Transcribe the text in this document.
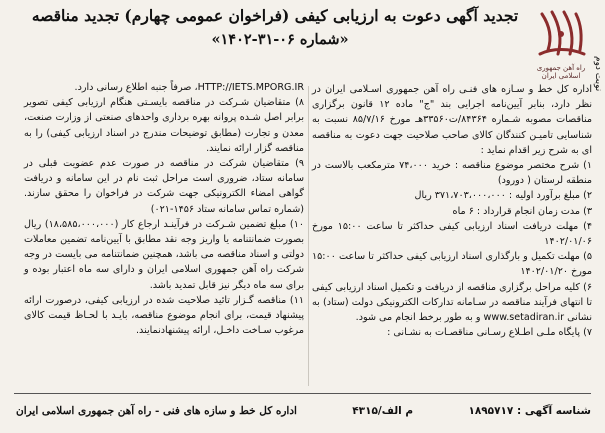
تجدید آگهی دعوت به ارزیابی کیفی (فراخوان عمومی چهارم) تجدید مناقصه
«شماره ۰۶-۳۱-۱۴۰۲»
راه آهن جمهوری اسلامی ایران	نوبت دوم

اداره کل خط و سـازه های فنـی راه آهن جمهوری اسـلامی ایران در نظر دارد، بنابر آیین‌نامه اجرایی بند "ج" ماده ۱۲ قانون برگزاری مناقصات مصوبه شـماره ۸۴۳۶۴/ت۳۳۵۶۰هـ مورخ ۸۵/۷/۱۶ نسبت به شناسایی تامیـن کنندگان کالای صاحب صلاحیت جهت دعوت به مناقصه ای به شرح زیر اقدام نماید :

۱) شرح مختصر موضوع مناقصه : خرید ۷۴،۰۰۰ مترمکعب بالاست در منطقه لرستان ( دورود)

۲) مبلغ برآورد اولیه : ۳۷۱،۷۰۳،۰۰۰،۰۰۰ ریال

۳) مدت زمان انجام قرارداد : ۶ ماه

۴) مهلت دریافت اسناد ارزیابی کیفی حداکثر تا ساعت ۱۵:۰۰ مورخ ۱۴۰۲/۰۱/۰۶

۵) مهلت تکمیل و بارگذاری اسناد ارزیابی کیفی حداکثر تا ساعت ۱۵:۰۰ مورخ ۱۴۰۲/۰۱/۲۰

۶) کلیه مراحل برگزاری مناقصه از دریافت و تکمیل اسناد ارزیابی کیفی تا انتهای فرآیند مناقصه در سـامانه تدارکات الکترونیکی دولت (ستاد) به نشانی www.setadiran.ir و به طور برخط انجام می شود.

۷) پایگاه ملـی اطـلاع رسـانی مناقصـات به نشـانی :

HTTP://IETS.MPORG.IR، صرفاً جنبه اطلاع رسانی دارد.

۸) متقاضیان شـرکت در مناقصه بایسـتی هنگام ارزیابی کیفی تصویر برابر اصل شـده پروانه بهره برداری واحدهای صنعتی از وزارت صنعت، معدن و تجارت (مطابق توضیحات مندرج در اسناد ارزیابی کیفی) را به مناقصه گزار ارائه نمایند.

۹) متقاضیان شرکت در مناقصه در صورت عدم عضویت قبلی در سامانه ستاد، ضروری است مراحل ثبت نام در این سامانه و دریافت گواهی امضاء الکترونیکی جهت شرکت در فراخوان را محقق سازند.(شماره تماس سامانه ستاد ۱۴۵۶-۰۲۱)

۱۰) مبلغ تضمین شـرکت در فرآینـد ارجاع کار (۱۸،۵۸۵،۰۰۰،۰۰۰) ریال بصورت ضمانتنامه یا واریز وجه نقد مطابق با آیین‌نامه تضمین معاملات دولتی و اسناد مناقصه می باشد، همچنین ضمانتنامه می بایست در وجه شرکت راه آهن جمهوری اسلامی ایران و دارای سه ماه اعتبار بوده و برای سه ماه دیگر نیز قابل تمدید باشد.

۱۱) مناقصه گـزار تائید صلاحیت شده در ارزیابی کیفی، درصورت ارائه پیشنهاد قیمت، برای انجام موضوع مناقصه، بایـد با لحـاظ قیمت کالای مرغوب سـاخت داخـل، ارائه پیشنهادنمایند.

شناسه آگهی : ۱۸۹۵۷۱۷
م الف/۴۳۱۵
اداره کل خط و سازه های فنی - راه آهن جمهوری اسلامی ایران
